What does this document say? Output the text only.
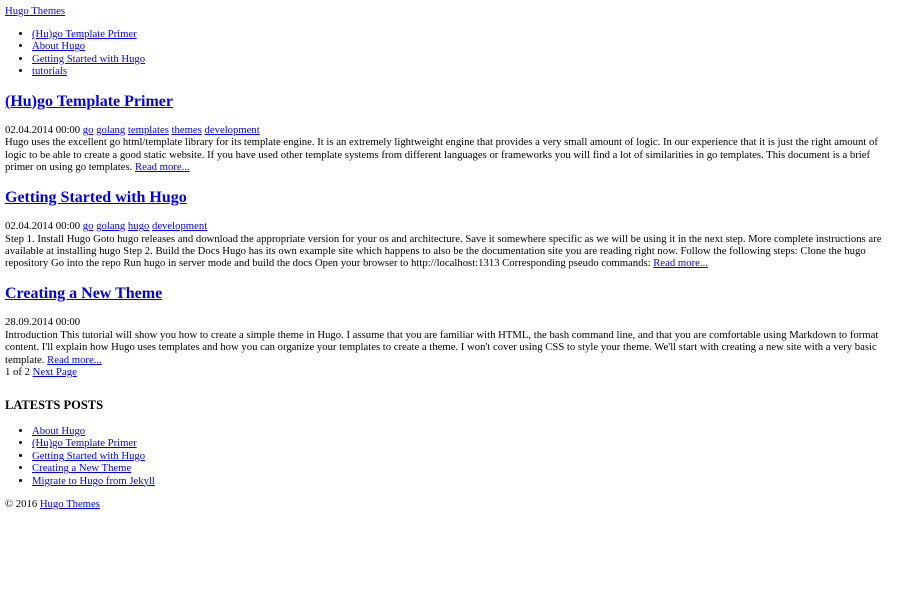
Hugo Themes
• (Hu)go Template Primer
• About Hugo
• Getting Started with Hugo
• tutorials
(Hu)go Template Primer
02.04.2014 00:00 go golang templates themes development
Hugo uses the excellent go html/template library for its template engine. It is an extremely lightweight engine that provides a very small amount of logic. In our experience that it is just the right amount of logic to be able to create a good static website. If you have used other template systems from different languages or frameworks you will find a lot of similarities in go templates. This document is a brief primer on using go templates. Read more...
Getting Started with Hugo
02.04.2014 00:00 go golang hugo development
Step 1. Install Hugo Goto hugo releases and download the appropriate version for your os and architecture. Save it somewhere specific as we will be using it in the next step. More complete instructions are available at installing hugo Step 2. Build the Docs Hugo has its own example site which happens to also be the documentation site you are reading right now. Follow the following steps: Clone the hugo repository Go into the repo Run hugo in server mode and build the docs Open your browser to http://localhost:1313 Corresponding pseudo commands: Read more...
Creating a New Theme
28.09.2014 00:00
Introduction This tutorial will show you how to create a simple theme in Hugo. I assume that you are familiar with HTML, the bash command line, and that you are comfortable using Markdown to format content. I'll explain how Hugo uses templates and how you can organize your templates to create a theme. I won't cover using CSS to style your theme. We'll start with creating a new site with a very basic template. Read more...
1 of 2 Next Page
LATESTS POSTS
• About Hugo
• (Hu)go Template Primer
• Getting Started with Hugo
• Creating a New Theme
• Migrate to Hugo from Jekyll
© 2016 Hugo Themes
